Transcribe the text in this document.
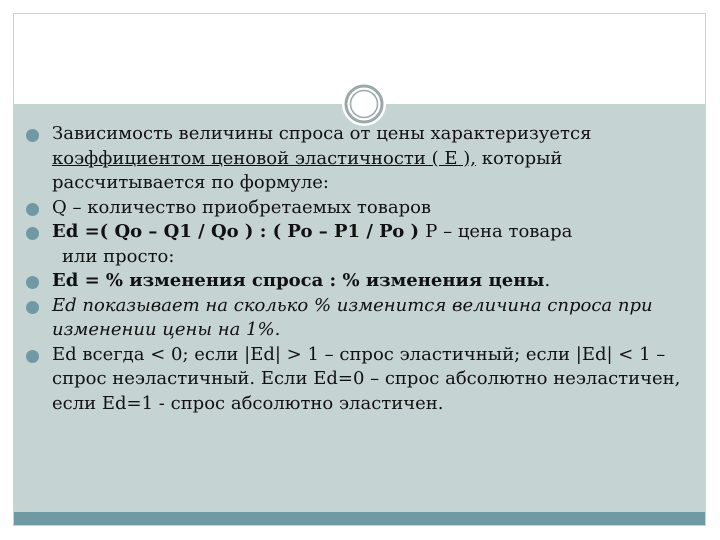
Зависимость величины спроса от цены характеризуется коэффициентом ценовой эластичности ( E ), который рассчитывается по формуле:
Q – количество приобретаемых товаров
Ed =( Qo – Q1 / Qo ) : ( Po – P1 / Po ) P – цена товара
или просто:
Ed = % изменения спроса : % изменения цены.
Ed показывает на сколько % изменится величина спроса при изменении цены на 1%.
Ed всегда < 0; если |Ed| > 1 – спрос эластичный; если |Ed| < 1 – спрос неэластичный. Если Ed=0 – спрос абсолютно неэластичен, если Ed=1 - спрос абсолютно эластичен.
